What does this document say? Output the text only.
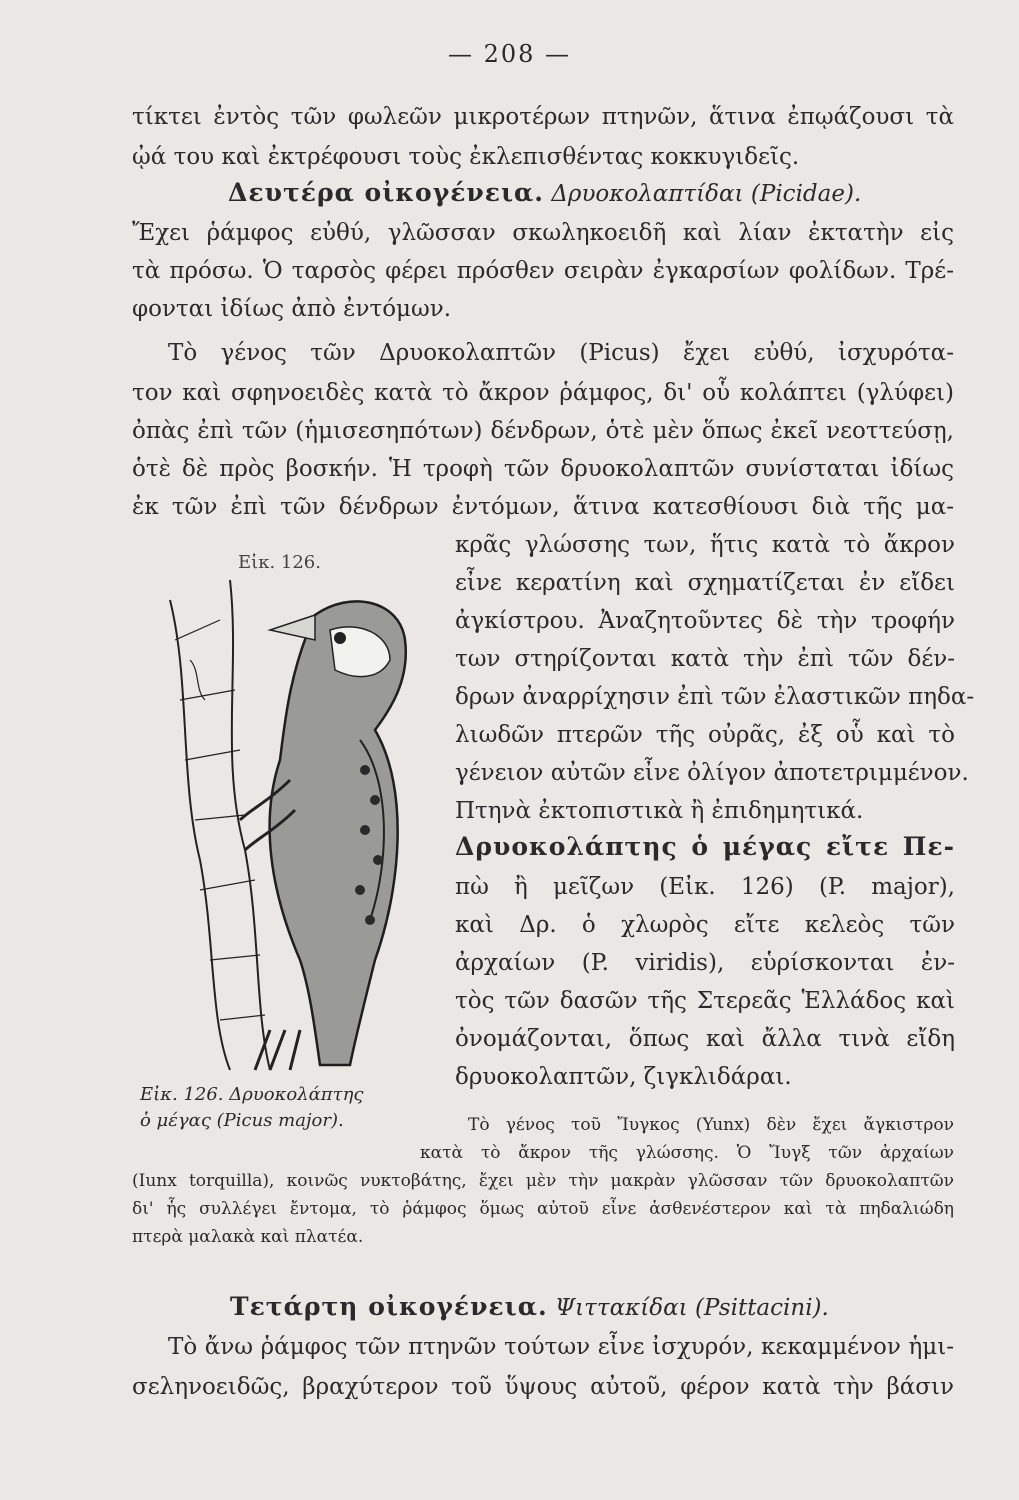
— 208 —
τίκτει ἐντὸς τῶν φωλεῶν μικροτέρων πτηνῶν, ἅτινα ἐπῳάζουσι τὰ
ᾠά του καὶ ἐκτρέφουσι τοὺς ἐκλεπισθέντας κοκκυγιδεῖς.
Δευτέρα οἰκογένεια. Δρυοκολαπτίδαι (Picidae).
Ἔχει ῥάμφος εὐθύ, γλῶσσαν σκωληκοειδῆ καὶ λίαν ἐκτατὴν εἰς
τὰ πρόσω. Ὁ ταρσὸς φέρει πρόσθεν σειρὰν ἐγκαρσίων φολίδων. Τρέ-
φονται ἰδίως ἀπὸ ἐντόμων.
Τὸ γένος τῶν Δρυοκολαπτῶν (Picus) ἔχει εὐθύ, ἰσχυρότα-
τον καὶ σφηνοειδὲς κατὰ τὸ ἄκρον ῥάμφος, δι' οὗ κολάπτει (γλύφει)
ὀπὰς ἐπὶ τῶν (ἡμισεσηπότων) δένδρων, ὁτὲ μὲν ὅπως ἐκεῖ νεοττεύσῃ,
ὁτὲ δὲ πρὸς βοσκήν. Ἡ τροφὴ τῶν δρυοκολαπτῶν συνίσταται ἰδίως
ἐκ τῶν ἐπὶ τῶν δένδρων ἐντόμων, ἅτινα κατεσθίουσι διὰ τῆς μα-
Εἰκ. 126.
Εἰκ. 126. Δρυοκολάπτης
ὁ μέγας (Picus major).
κρᾶς γλώσσης των, ἥτις κατὰ τὸ ἄκρον
εἶνε κερατίνη καὶ σχηματίζεται ἐν εἴδει
ἀγκίστρου. Ἀναζητοῦντες δὲ τὴν τροφήν
των στηρίζονται κατὰ τὴν ἐπὶ τῶν δέν-
δρων ἀναρρίχησιν ἐπὶ τῶν ἐλαστικῶν πηδα-
λιωδῶν πτερῶν τῆς οὐρᾶς, ἐξ οὗ καὶ τὸ
γένειον αὐτῶν εἶνε ὀλίγον ἀποτετριμμένον.
Πτηνὰ ἐκτοπιστικὰ ἢ ἐπιδημητικά.
Δρυοκολάπτης ὁ μέγας εἴτε Πε-
πὼ ἢ μεῖζων (Εἰκ. 126) (P. major),
καὶ Δρ. ὁ χλωρὸς εἴτε κελεὸς τῶν
ἀρχαίων (P. viridis), εὑρίσκονται ἐν-
τὸς τῶν δασῶν τῆς Στερεᾶς Ἑλλάδος καὶ
ὀνομάζονται, ὅπως καὶ ἄλλα τινὰ εἴδη
δρυοκολαπτῶν, ζιγκλιδάραι.
Τὸ γένος τοῦ Ἴυγκος (Yunx) δὲν ἔχει ἄγκιστρον
κατὰ τὸ ἄκρον τῆς γλώσσης. Ὁ Ἴυγξ τῶν ἀρχαίων
(Iunx torquilla), κοινῶς νυκτοβάτης, ἔχει μὲν τὴν μακρὰν γλῶσσαν τῶν δρυοκολαπτῶν
δι' ἧς συλλέγει ἔντομα, τὸ ῥάμφος ὅμως αὐτοῦ εἶνε ἀσθενέστερον καὶ τὰ πηδαλιώδη
πτερὰ μαλακὰ καὶ πλατέα.
Τετάρτη οἰκογένεια. Ψιττακίδαι (Psittacini).
Τὸ ἄνω ῥάμφος τῶν πτηνῶν τούτων εἶνε ἰσχυρόν, κεκαμμένον ἡμι-
σεληνοειδῶς, βραχύτερον τοῦ ὕψους αὐτοῦ, φέρον κατὰ τὴν βάσιν
